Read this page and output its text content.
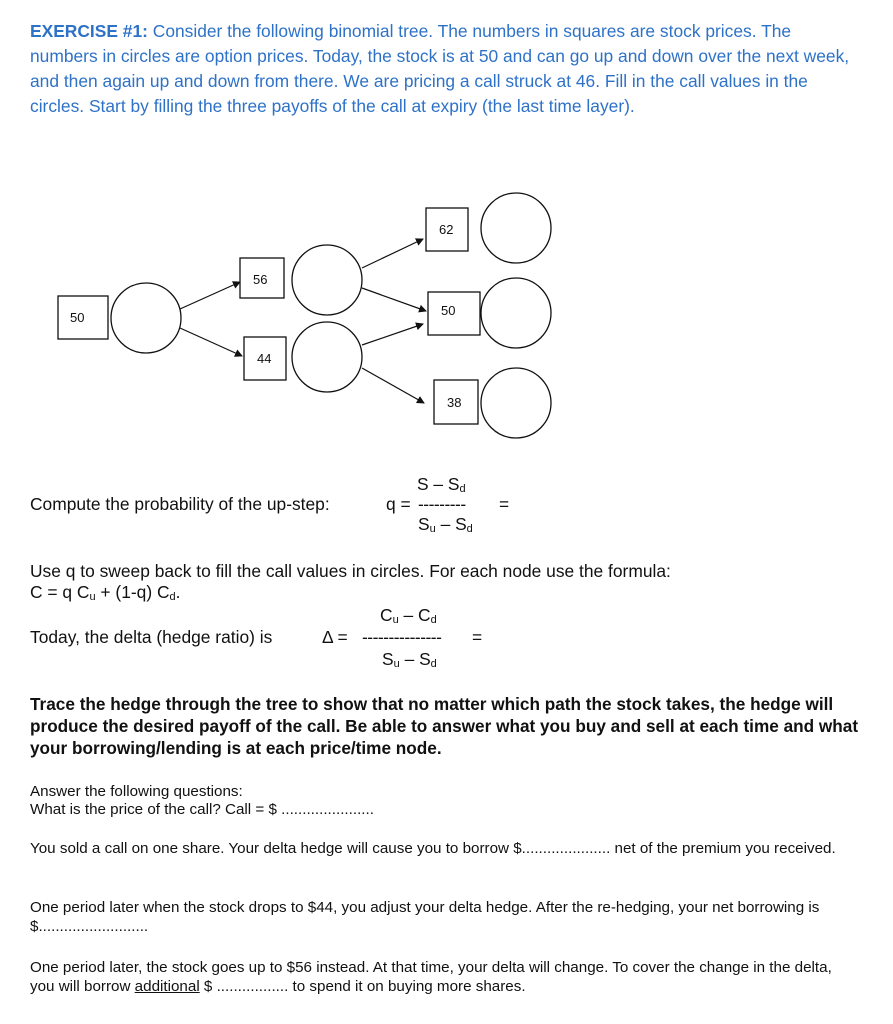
EXERCISE #1: Consider the following binomial tree. The numbers in squares are stock prices. The numbers in circles are option prices. Today, the stock is at 50 and can go up and down over the next week, and then again up and down from there. We are pricing a call struck at 46. Fill in the call values in the circles. Start by filling the three payoffs of the call at expiry (the last time layer).
50
56
44
62
50
38
S – Sd
Compute the probability of the up-step:	q = --------- =
Su – Sd
Use q to sweep back to fill the call values in circles. For each node use the formula:
C = q Cu + (1-q) Cd.
Cu – Cd
Today, the delta (hedge ratio) is	Δ = --------------- =
Su – Sd
Trace the hedge through the tree to show that no matter which path the stock takes, the hedge will produce the desired payoff of the call. Be able to answer what you buy and sell at each time and what your borrowing/lending is at each price/time node.
Answer the following questions:
What is the price of the call? Call = $ ......................
You sold a call on one share. Your delta hedge will cause you to borrow $..................... net of the premium you received.
One period later when the stock drops to $44, you adjust your delta hedge. After the re-hedging, your net borrowing is $..........................
One period later, the stock goes up to $56 instead. At that time, your delta will change. To cover the change in the delta, you will borrow additional $ ................. to spend it on buying more shares.
